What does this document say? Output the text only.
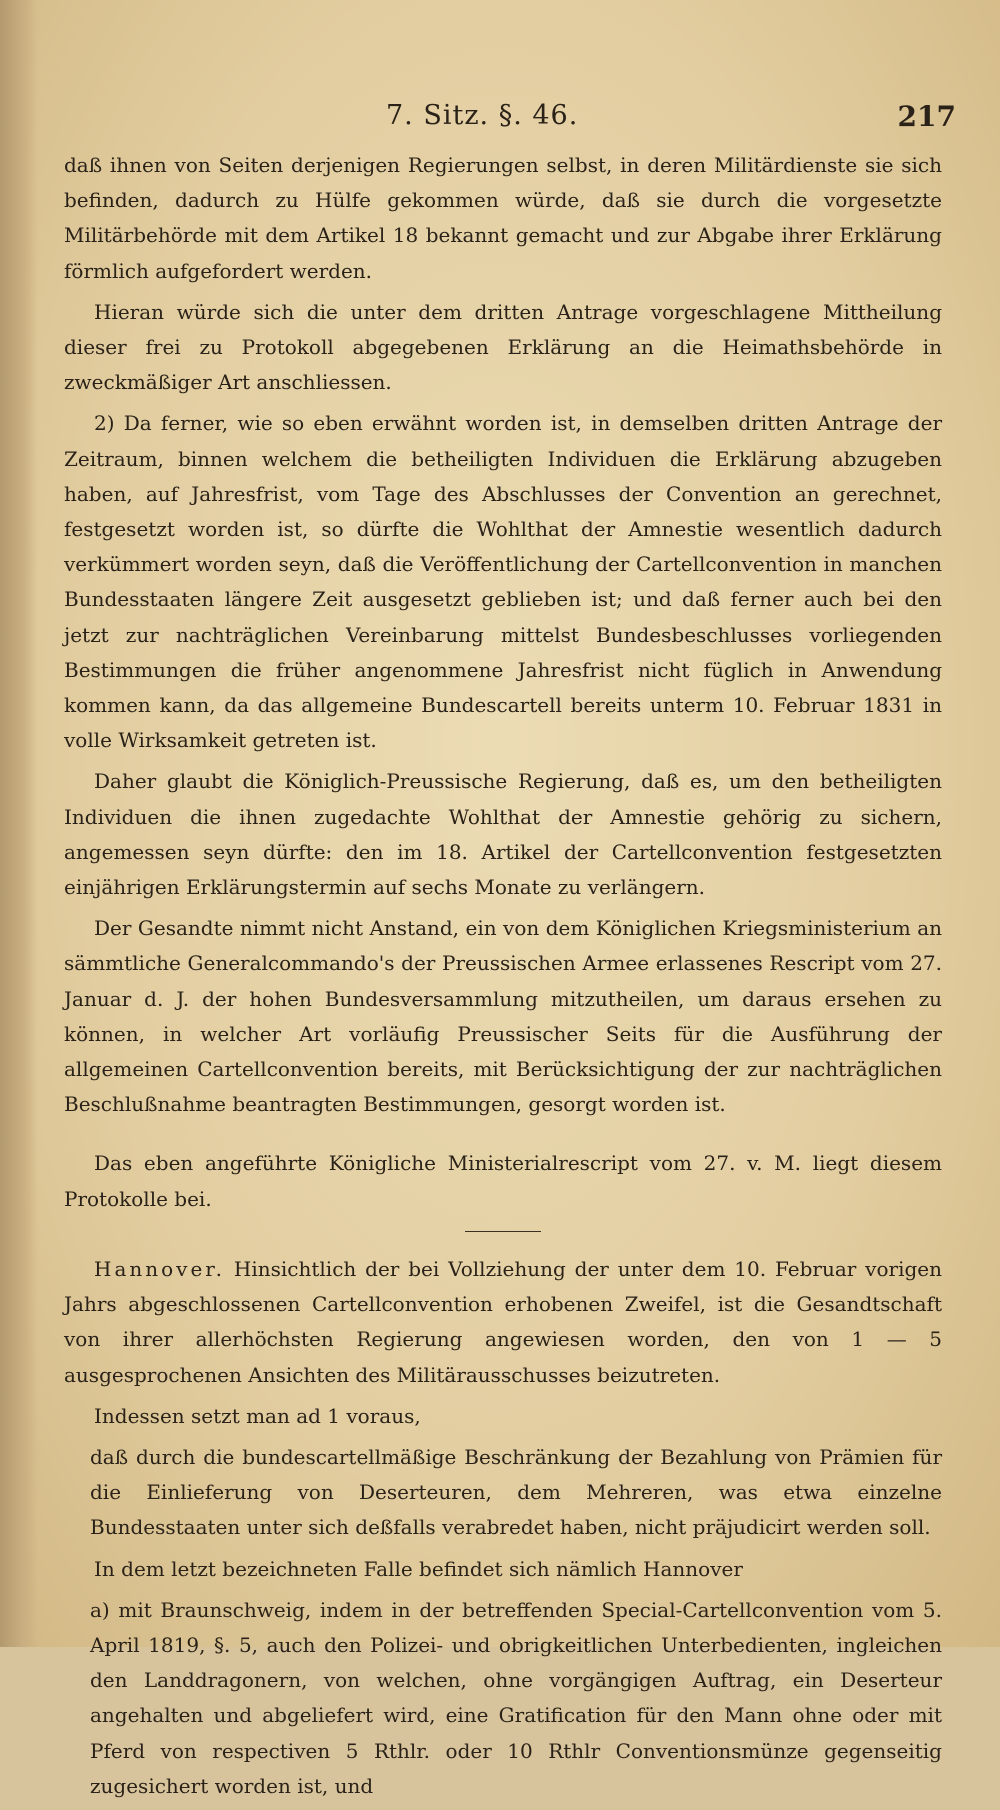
7. Sitz. §. 46.	217

daß ihnen von Seiten derjenigen Regierungen selbst, in deren Militärdienste sie sich befinden, dadurch zu Hülfe gekommen würde, daß sie durch die vorgesetzte Militärbehörde mit dem Artikel 18 bekannt gemacht und zur Abgabe ihrer Erklärung förmlich aufgefordert werden.

Hieran würde sich die unter dem dritten Antrage vorgeschlagene Mittheilung dieser frei zu Protokoll abgegebenen Erklärung an die Heimathsbehörde in zweckmäßiger Art anschliessen.

2) Da ferner, wie so eben erwähnt worden ist, in demselben dritten Antrage der Zeitraum, binnen welchem die betheiligten Individuen die Erklärung abzugeben haben, auf Jahresfrist, vom Tage des Abschlusses der Convention an gerechnet, festgesetzt worden ist, so dürfte die Wohlthat der Amnestie wesentlich dadurch verkümmert worden seyn, daß die Veröffentlichung der Cartellconvention in manchen Bundesstaaten längere Zeit ausgesetzt geblieben ist; und daß ferner auch bei den jetzt zur nachträglichen Vereinbarung mittelst Bundesbeschlusses vorliegenden Bestimmungen die früher angenommene Jahresfrist nicht füglich in Anwendung kommen kann, da das allgemeine Bundescartell bereits unterm 10. Februar 1831 in volle Wirksamkeit getreten ist.

Daher glaubt die Königlich-Preussische Regierung, daß es, um den betheiligten Individuen die ihnen zugedachte Wohlthat der Amnestie gehörig zu sichern, angemessen seyn dürfte: den im 18. Artikel der Cartellconvention festgesetzten einjährigen Erklärungstermin auf sechs Monate zu verlängern.

Der Gesandte nimmt nicht Anstand, ein von dem Königlichen Kriegsministerium an sämmtliche Generalcommando's der Preussischen Armee erlassenes Rescript vom 27. Januar d. J. der hohen Bundesversammlung mitzutheilen, um daraus ersehen zu können, in welcher Art vorläufig Preussischer Seits für die Ausführung der allgemeinen Cartellconvention bereits, mit Berücksichtigung der zur nachträglichen Beschlußnahme beantragten Bestimmungen, gesorgt worden ist.

Das eben angeführte Königliche Ministerialrescript vom 27. v. M. liegt diesem Protokolle bei.

Hannover. Hinsichtlich der bei Vollziehung der unter dem 10. Februar vorigen Jahrs abgeschlossenen Cartellconvention erhobenen Zweifel, ist die Gesandtschaft von ihrer allerhöchsten Regierung angewiesen worden, den von 1 — 5 ausgesprochenen Ansichten des Militärausschusses beizutreten.

Indessen setzt man ad 1 voraus,

daß durch die bundescartellmäßige Beschränkung der Bezahlung von Prämien für die Einlieferung von Deserteuren, dem Mehreren, was etwa einzelne Bundesstaaten unter sich deßfalls verabredet haben, nicht präjudicirt werden soll.

In dem letzt bezeichneten Falle befindet sich nämlich Hannover

a) mit Braunschweig, indem in der betreffenden Special-Cartellconvention vom 5. April 1819, §. 5, auch den Polizei- und obrigkeitlichen Unterbedienten, ingleichen den Landdragonern, von welchen, ohne vorgängigen Auftrag, ein Deserteur angehalten und abgeliefert wird, eine Gratification für den Mann ohne oder mit Pferd von respectiven 5 Rthlr. oder 10 Rthlr Conventionsmünze gegenseitig zugesichert worden ist, und
